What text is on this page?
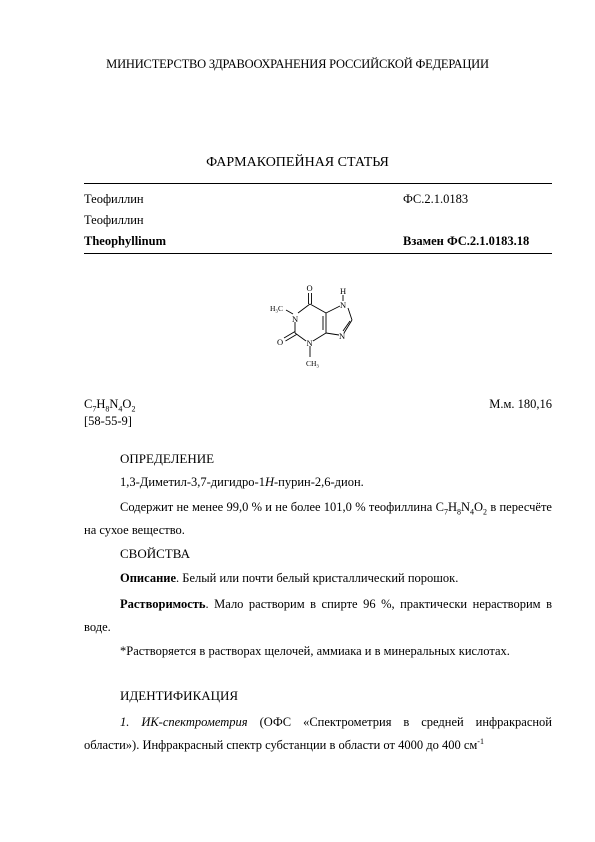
МИНИСТЕРСТВО ЗДРАВООХРАНЕНИЯ РОССИЙСКОЙ ФЕДЕРАЦИИ
ФАРМАКОПЕЙНАЯ СТАТЬЯ
Теофиллин	ФС.2.1.0183
Теофиллин
Theophyllinum	Взамен ФС.2.1.0183.18
O
O
N
N
N
N
H
H₃C
CH₃
$C_7H_8N_4O_2$	М.м. 180,16
[58-55-9]
ОПРЕДЕЛЕНИЕ
1,3-Диметил-3,7-дигидро-1H-пурин-2,6-дион.
Содержит не менее 99,0 % и не более 101,0 % теофиллина $C_7H_8N_4O_2$ в пересчёте на сухое вещество.
СВОЙСТВА
Описание. Белый или почти белый кристаллический порошок.
Растворимость. Мало растворим в спирте 96 %, практически нерастворим в воде.
*Растворяется в растворах щелочей, аммиака и в минеральных кислотах.
ИДЕНТИФИКАЦИЯ
1. ИК-спектрометрия (ОФС «Спектрометрия в средней инфракрасной области»). Инфракрасный спектр субстанции в области от 4000 до 400 $см^{-1}$
